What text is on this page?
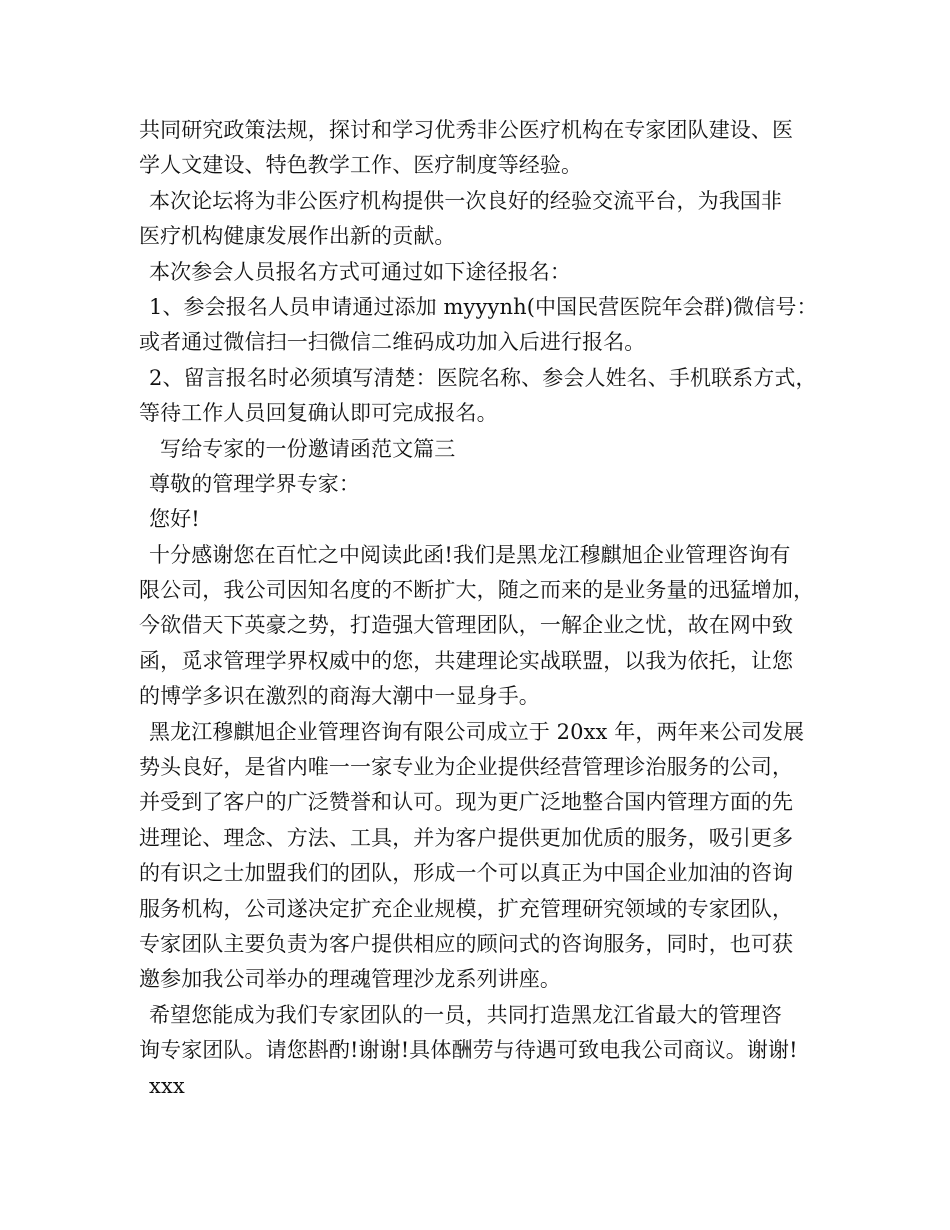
共同研究政策法规，探讨和学习优秀非公医疗机构在专家团队建设、医
学人文建设、特色教学工作、医疗制度等经验。
本次论坛将为非公医疗机构提供一次良好的经验交流平台，为我国非
医疗机构健康发展作出新的贡献。
本次参会人员报名方式可通过如下途径报名：
1、参会报名人员申请通过添加 myyynh(中国民营医院年会群)微信号：
或者通过微信扫一扫微信二维码成功加入后进行报名。
2、留言报名时必须填写清楚：医院名称、参会人姓名、手机联系方式，
等待工作人员回复确认即可完成报名。
写给专家的一份邀请函范文篇三
尊敬的管理学界专家：
您好!
十分感谢您在百忙之中阅读此函!我们是黑龙江穆麒旭企业管理咨询有
限公司，我公司因知名度的不断扩大，随之而来的是业务量的迅猛增加，
今欲借天下英豪之势，打造强大管理团队，一解企业之忧，故在网中致
函，觅求管理学界权威中的您，共建理论实战联盟，以我为依托，让您
的博学多识在激烈的商海大潮中一显身手。
黑龙江穆麒旭企业管理咨询有限公司成立于 20xx 年，两年来公司发展
势头良好，是省内唯一一家专业为企业提供经营管理诊治服务的公司，
并受到了客户的广泛赞誉和认可。现为更广泛地整合国内管理方面的先
进理论、理念、方法、工具，并为客户提供更加优质的服务，吸引更多
的有识之士加盟我们的团队，形成一个可以真正为中国企业加油的咨询
服务机构，公司遂决定扩充企业规模，扩充管理研究领域的专家团队，
专家团队主要负责为客户提供相应的顾问式的咨询服务，同时，也可获
邀参加我公司举办的理魂管理沙龙系列讲座。
希望您能成为我们专家团队的一员，共同打造黑龙江省最大的管理咨
询专家团队。请您斟酌!谢谢!具体酬劳与待遇可致电我公司商议。谢谢!
xxx
